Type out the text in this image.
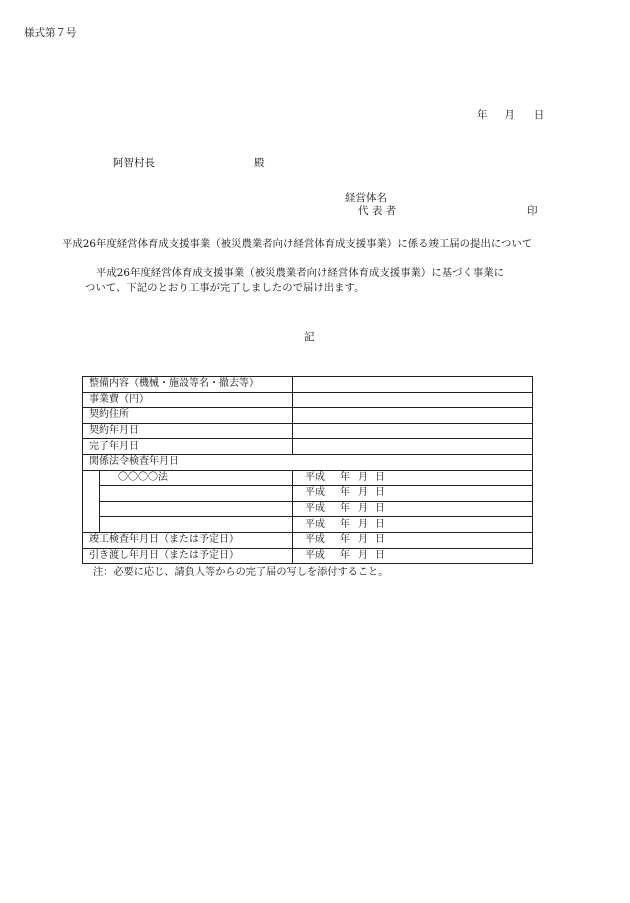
様式第７号
年 月 日
阿智村長	殿
経営体名
代 表 者	印
平成26年度経営体育成支援事業（被災農業者向け経営体育成支援事業）に係る竣工届の提出について
平成26年度経営体育成支援事業（被災農業者向け経営体育成支援事業）に基づく事業に
ついて、下記のとおり工事が完了しましたので届け出ます。
記
整備内容（機械・施設等名・撤去等）		
事業費（円）		
契約住所		
契約年月日		
完了年月日		
関係法令検査年月日		
	〇〇〇〇法	平成 年 月 日
		平成 年 月 日
		平成 年 月 日
		平成 年 月 日
竣工検査年月日（または予定日）		平成 年 月 日
引き渡し年月日（または予定日）		平成 年 月 日
注：必要に応じ、請負人等からの完了届の写しを添付すること。
